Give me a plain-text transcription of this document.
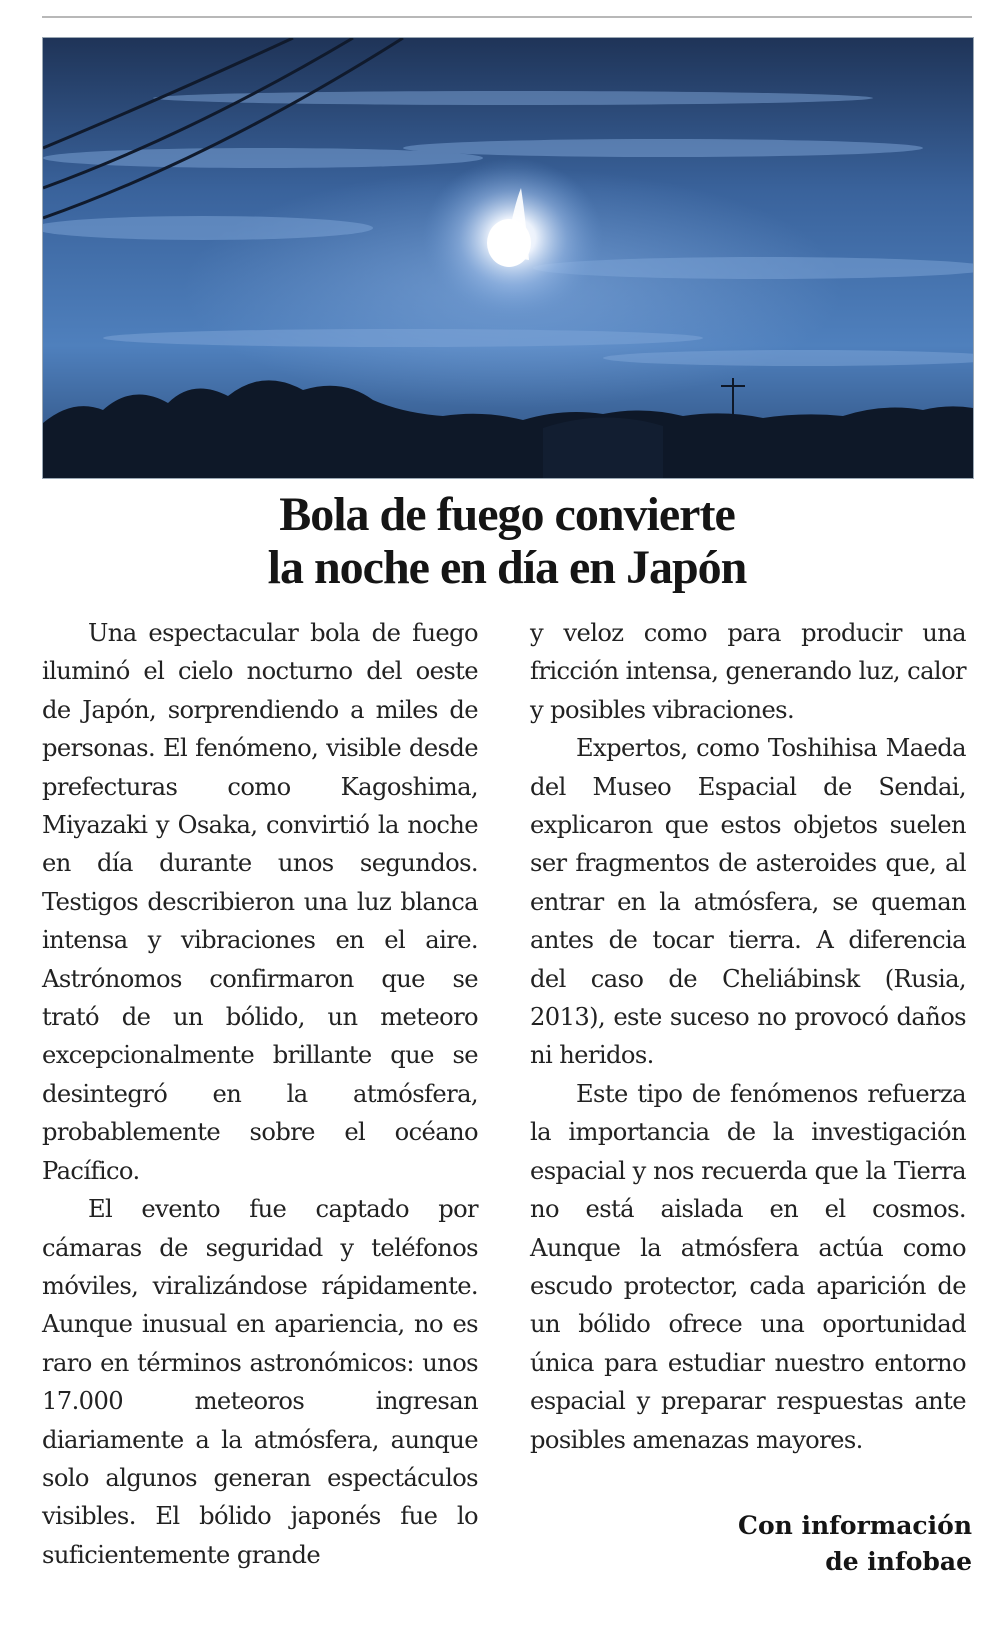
Bola de fuego convierte
la noche en día en Japón

Una espectacular bola de fuego iluminó el cielo nocturno del oeste de Japón, sorprendiendo a miles de personas. El fenómeno, visible desde prefecturas como Kagoshima, Miyazaki y Osaka, convirtió la noche en día durante unos segundos. Testigos describieron una luz blanca intensa y vibraciones en el aire. Astrónomos confirmaron que se trató de un bólido, un meteoro excepcionalmente brillante que se desintegró en la atmósfera, probablemente sobre el océano Pacífico.

El evento fue captado por cámaras de seguridad y teléfonos móviles, viralizándose rápidamente. Aunque inusual en apariencia, no es raro en términos astronómicos: unos 17.000 meteoros ingresan diariamente a la atmósfera, aunque solo algunos generan espectáculos visibles. El bólido japonés fue lo suficientemente grande

y veloz como para producir una fricción intensa, generando luz, calor y posibles vibraciones.

Expertos, como Toshihisa Maeda del Museo Espacial de Sendai, explicaron que estos objetos suelen ser fragmentos de asteroides que, al entrar en la atmósfera, se queman antes de tocar tierra. A diferencia del caso de Cheliábinsk (Rusia, 2013), este suceso no provocó daños ni heridos.

Este tipo de fenómenos refuerza la importancia de la investigación espacial y nos recuerda que la Tierra no está aislada en el cosmos. Aunque la atmósfera actúa como escudo protector, cada aparición de un bólido ofrece una oportunidad única para estudiar nuestro entorno espacial y preparar respuestas ante posibles amenazas mayores.

Con información
de infobae
